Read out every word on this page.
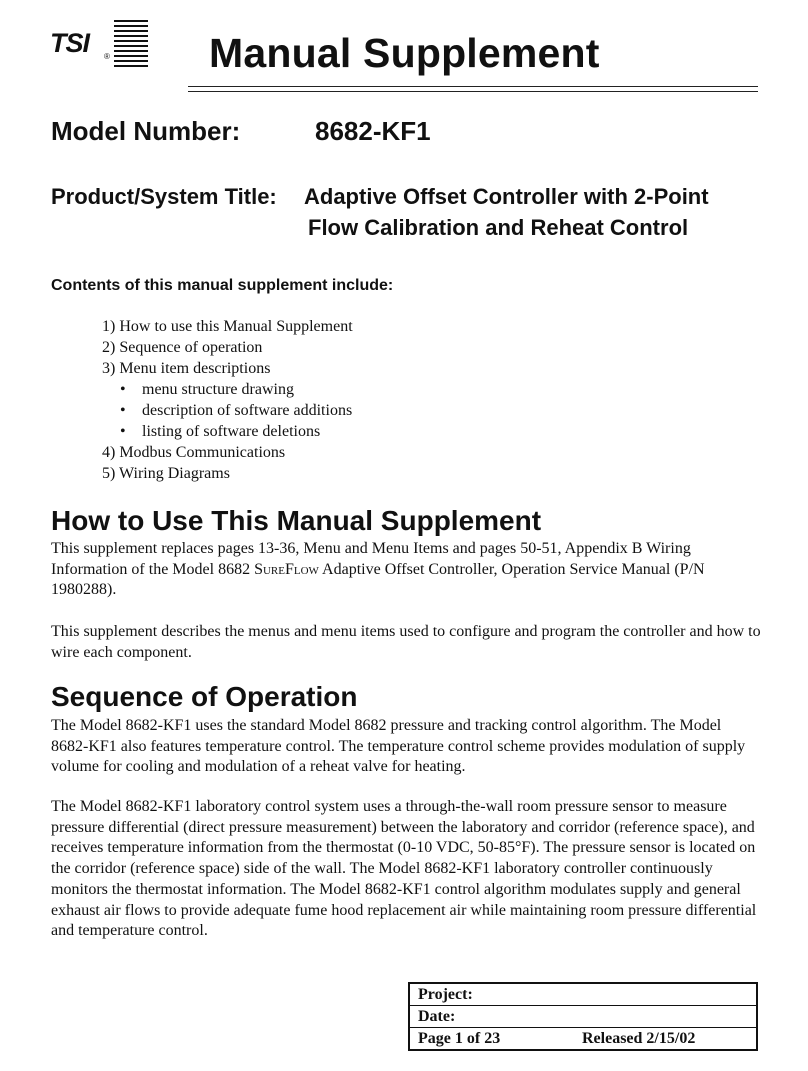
TSI ® Manual Supplement
Model Number:	8682-KF1
Product/System Title: Adaptive Offset Controller with 2-Point
Flow Calibration and Reheat Control
Contents of this manual supplement include:
1) How to use this Manual Supplement
2) Sequence of operation
3) Menu item descriptions
• menu structure drawing
• description of software additions
• listing of software deletions
4) Modbus Communications
5) Wiring Diagrams
How to Use This Manual Supplement

This supplement replaces pages 13-36, Menu and Menu Items and pages 50-51, Appendix B Wiring Information of the Model 8682 SureFlow Adaptive Offset Controller, Operation Service Manual (P/N 1980288).

This supplement describes the menus and menu items used to configure and program the controller and how to wire each component.

Sequence of Operation

The Model 8682-KF1 uses the standard Model 8682 pressure and tracking control algorithm. The Model 8682-KF1 also features temperature control. The temperature control scheme provides modulation of supply volume for cooling and modulation of a reheat valve for heating.

The Model 8682-KF1 laboratory control system uses a through-the-wall room pressure sensor to measure pressure differential (direct pressure measurement) between the laboratory and corridor (reference space), and receives temperature information from the thermostat (0-10 VDC, 50-85°F). The pressure sensor is located on the corridor (reference space) side of the wall. The Model 8682-KF1 laboratory controller continuously monitors the thermostat information. The Model 8682-KF1 control algorithm modulates supply and general exhaust air flows to provide adequate fume hood replacement air while maintaining room pressure differential and temperature control.

Project:
Date:
Page 1 of 23	Released 2/15/02
